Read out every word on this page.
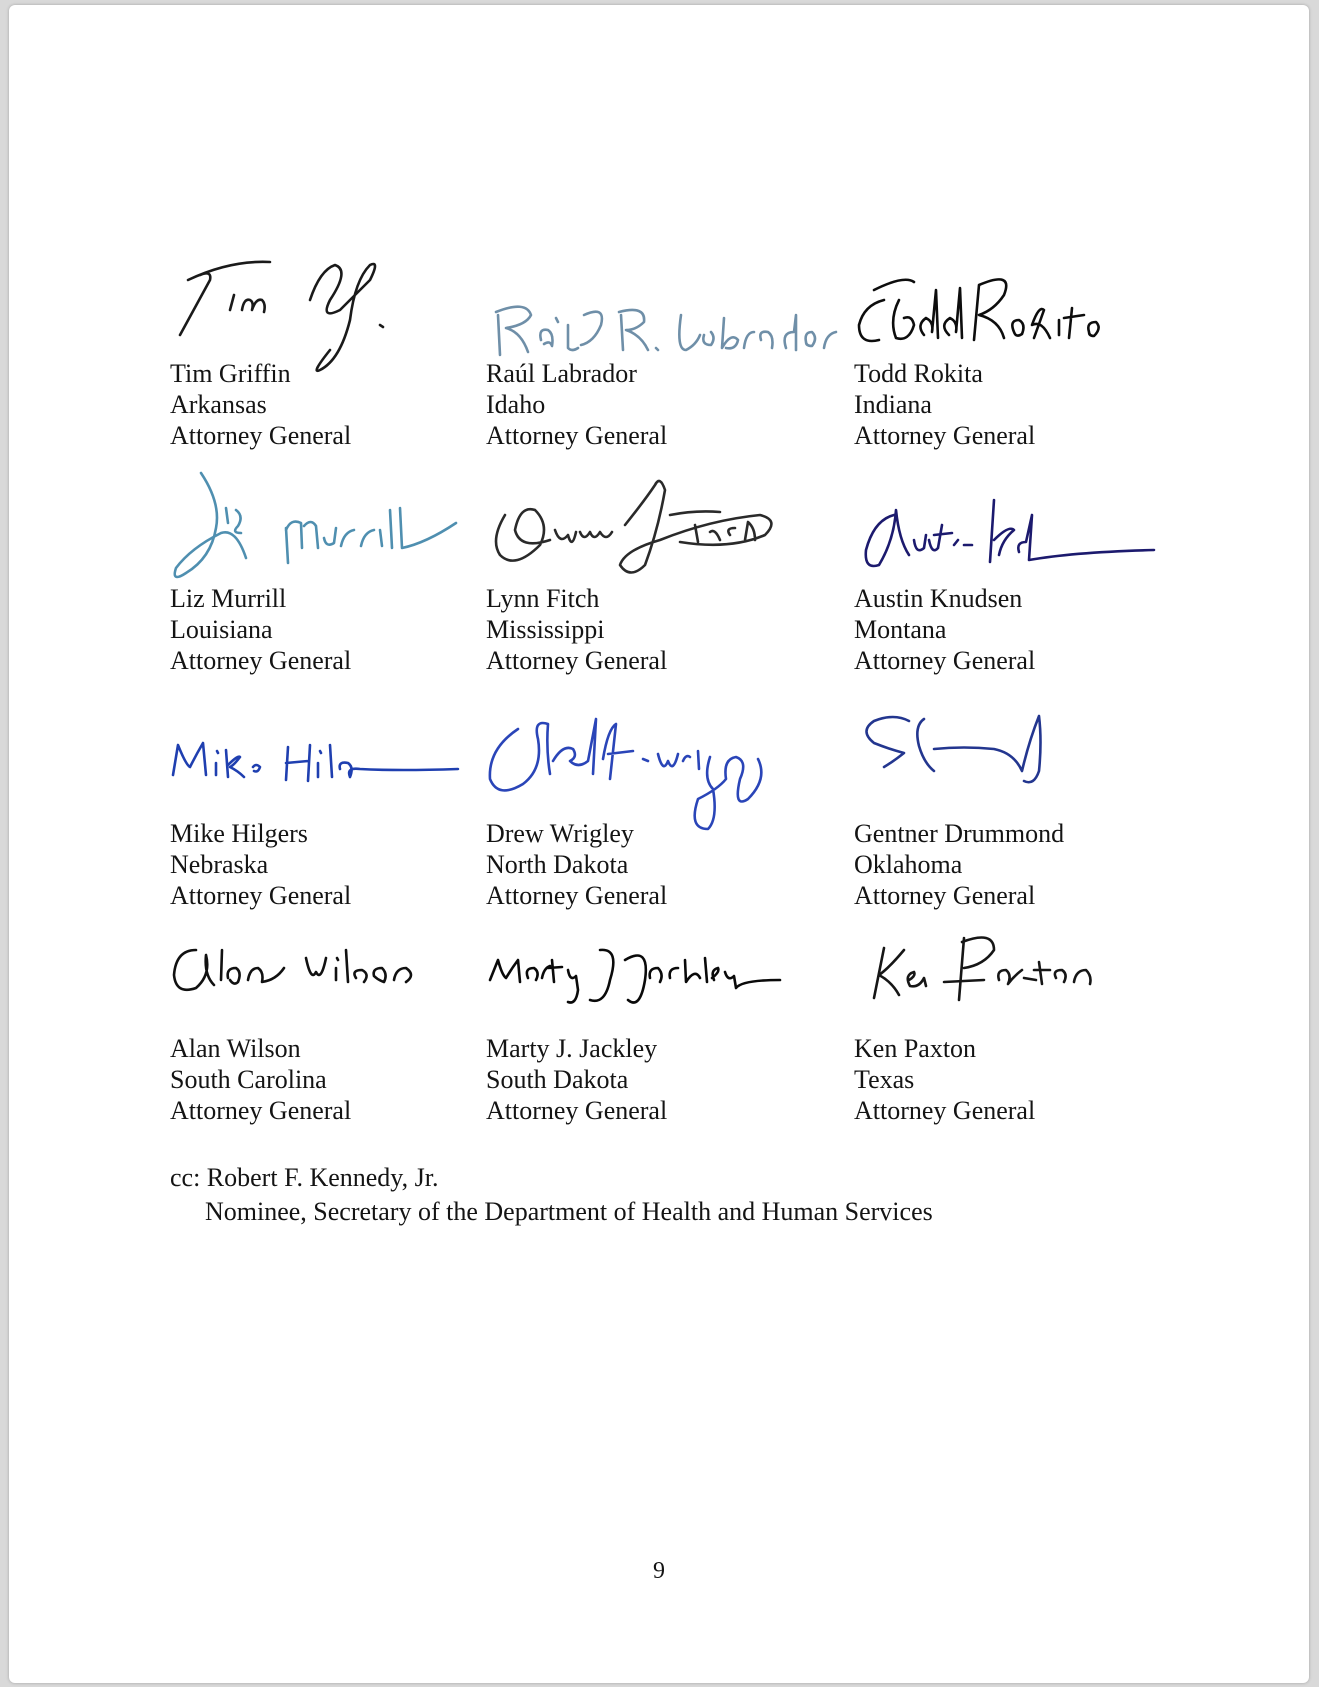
Tim Griffin
Arkansas
Attorney General
Raúl Labrador
Idaho
Attorney General
Todd Rokita
Indiana
Attorney General
Liz Murrill
Louisiana
Attorney General
Lynn Fitch
Mississippi
Attorney General
Austin Knudsen
Montana
Attorney General
Mike Hilgers
Nebraska
Attorney General
Drew Wrigley
North Dakota
Attorney General
Gentner Drummond
Oklahoma
Attorney General
Alan Wilson
South Carolina
Attorney General
Marty J. Jackley
South Dakota
Attorney General
Ken Paxton
Texas
Attorney General
cc: Robert F. Kennedy, Jr.
Nominee, Secretary of the Department of Health and Human Services
9
